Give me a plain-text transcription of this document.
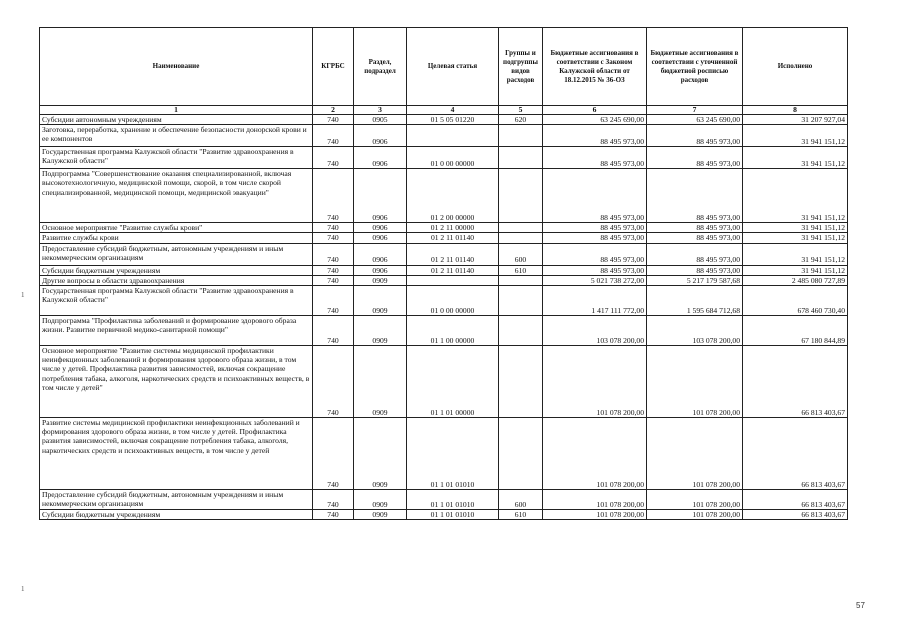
Наименование	КГРБС	Раздел, подраздел	Целевая статья	Группы и подгруппы видов расходов	Бюджетные ассигнования в соответствии с Законом Калужской области от 18.12.2015 № 36-ОЗ	Бюджетные ассигнования в соответствии с уточненной бюджетной росписью расходов	Исполнено
1	2	3	4	5	6	7	8
Субсидии автономным учреждениям	740	0905	01 5 05 01220	620	63 245 690,00	63 245 690,00	31 207 927,04
Заготовка, переработка, хранение и обеспечение безопасности донорской крови и ее компонентов	740	0906			88 495 973,00	88 495 973,00	31 941 151,12
Государственная программа Калужской области "Развитие здравоохранения в Калужской области"	740	0906	01 0 00 00000		88 495 973,00	88 495 973,00	31 941 151,12
Подпрограмма "Совершенствование оказания специализированной, включая высокотехнологичную, медицинской помощи, скорой, в том числе скорой специализированной, медицинской помощи, медицинской эвакуации"	740	0906	01 2 00 00000		88 495 973,00	88 495 973,00	31 941 151,12
Основное мероприятие "Развитие службы крови"	740	0906	01 2 11 00000		88 495 973,00	88 495 973,00	31 941 151,12
Развитие службы крови	740	0906	01 2 11 01140		88 495 973,00	88 495 973,00	31 941 151,12
Предоставление субсидий бюджетным, автономным учреждениям и иным некоммерческим организациям	740	0906	01 2 11 01140	600	88 495 973,00	88 495 973,00	31 941 151,12
Субсидии бюджетным учреждениям	740	0906	01 2 11 01140	610	88 495 973,00	88 495 973,00	31 941 151,12
Другие вопросы в области здравоохранения	740	0909			5 021 738 272,00	5 217 179 587,68	2 485 080 727,89
Государственная программа Калужской области "Развитие здравоохранения в Калужской области"	740	0909	01 0 00 00000		1 417 111 772,00	1 595 684 712,68	678 460 730,40
Подпрограмма "Профилактика заболеваний и формирование здорового образа жизни. Развитие первичной медико-санитарной помощи"	740	0909	01 1 00 00000		103 078 200,00	103 078 200,00	67 180 844,89
Основное мероприятие "Развитие системы медицинской профилактики неинфекционных заболеваний и формирования здорового образа жизни, в том числе у детей. Профилактика развития зависимостей, включая сокращение потребления табака, алкоголя, наркотических средств и психоактивных веществ, в том числе у детей"	740	0909	01 1 01 00000		101 078 200,00	101 078 200,00	66 813 403,67
Развитие системы медицинской профилактики неинфекционных заболеваний и формирования здорового образа жизни, в том числе у детей. Профилактика развития зависимостей, включая сокращение потребления табака, алкоголя, наркотических средств и психоактивных веществ, в том числе у детей	740	0909	01 1 01 01010		101 078 200,00	101 078 200,00	66 813 403,67
Предоставление субсидий бюджетным, автономным учреждениям и иным некоммерческим организациям	740	0909	01 1 01 01010	600	101 078 200,00	101 078 200,00	66 813 403,67
Субсидии бюджетным учреждениям	740	0909	01 1 01 01010	610	101 078 200,00	101 078 200,00	66 813 403,67
1
1
57
